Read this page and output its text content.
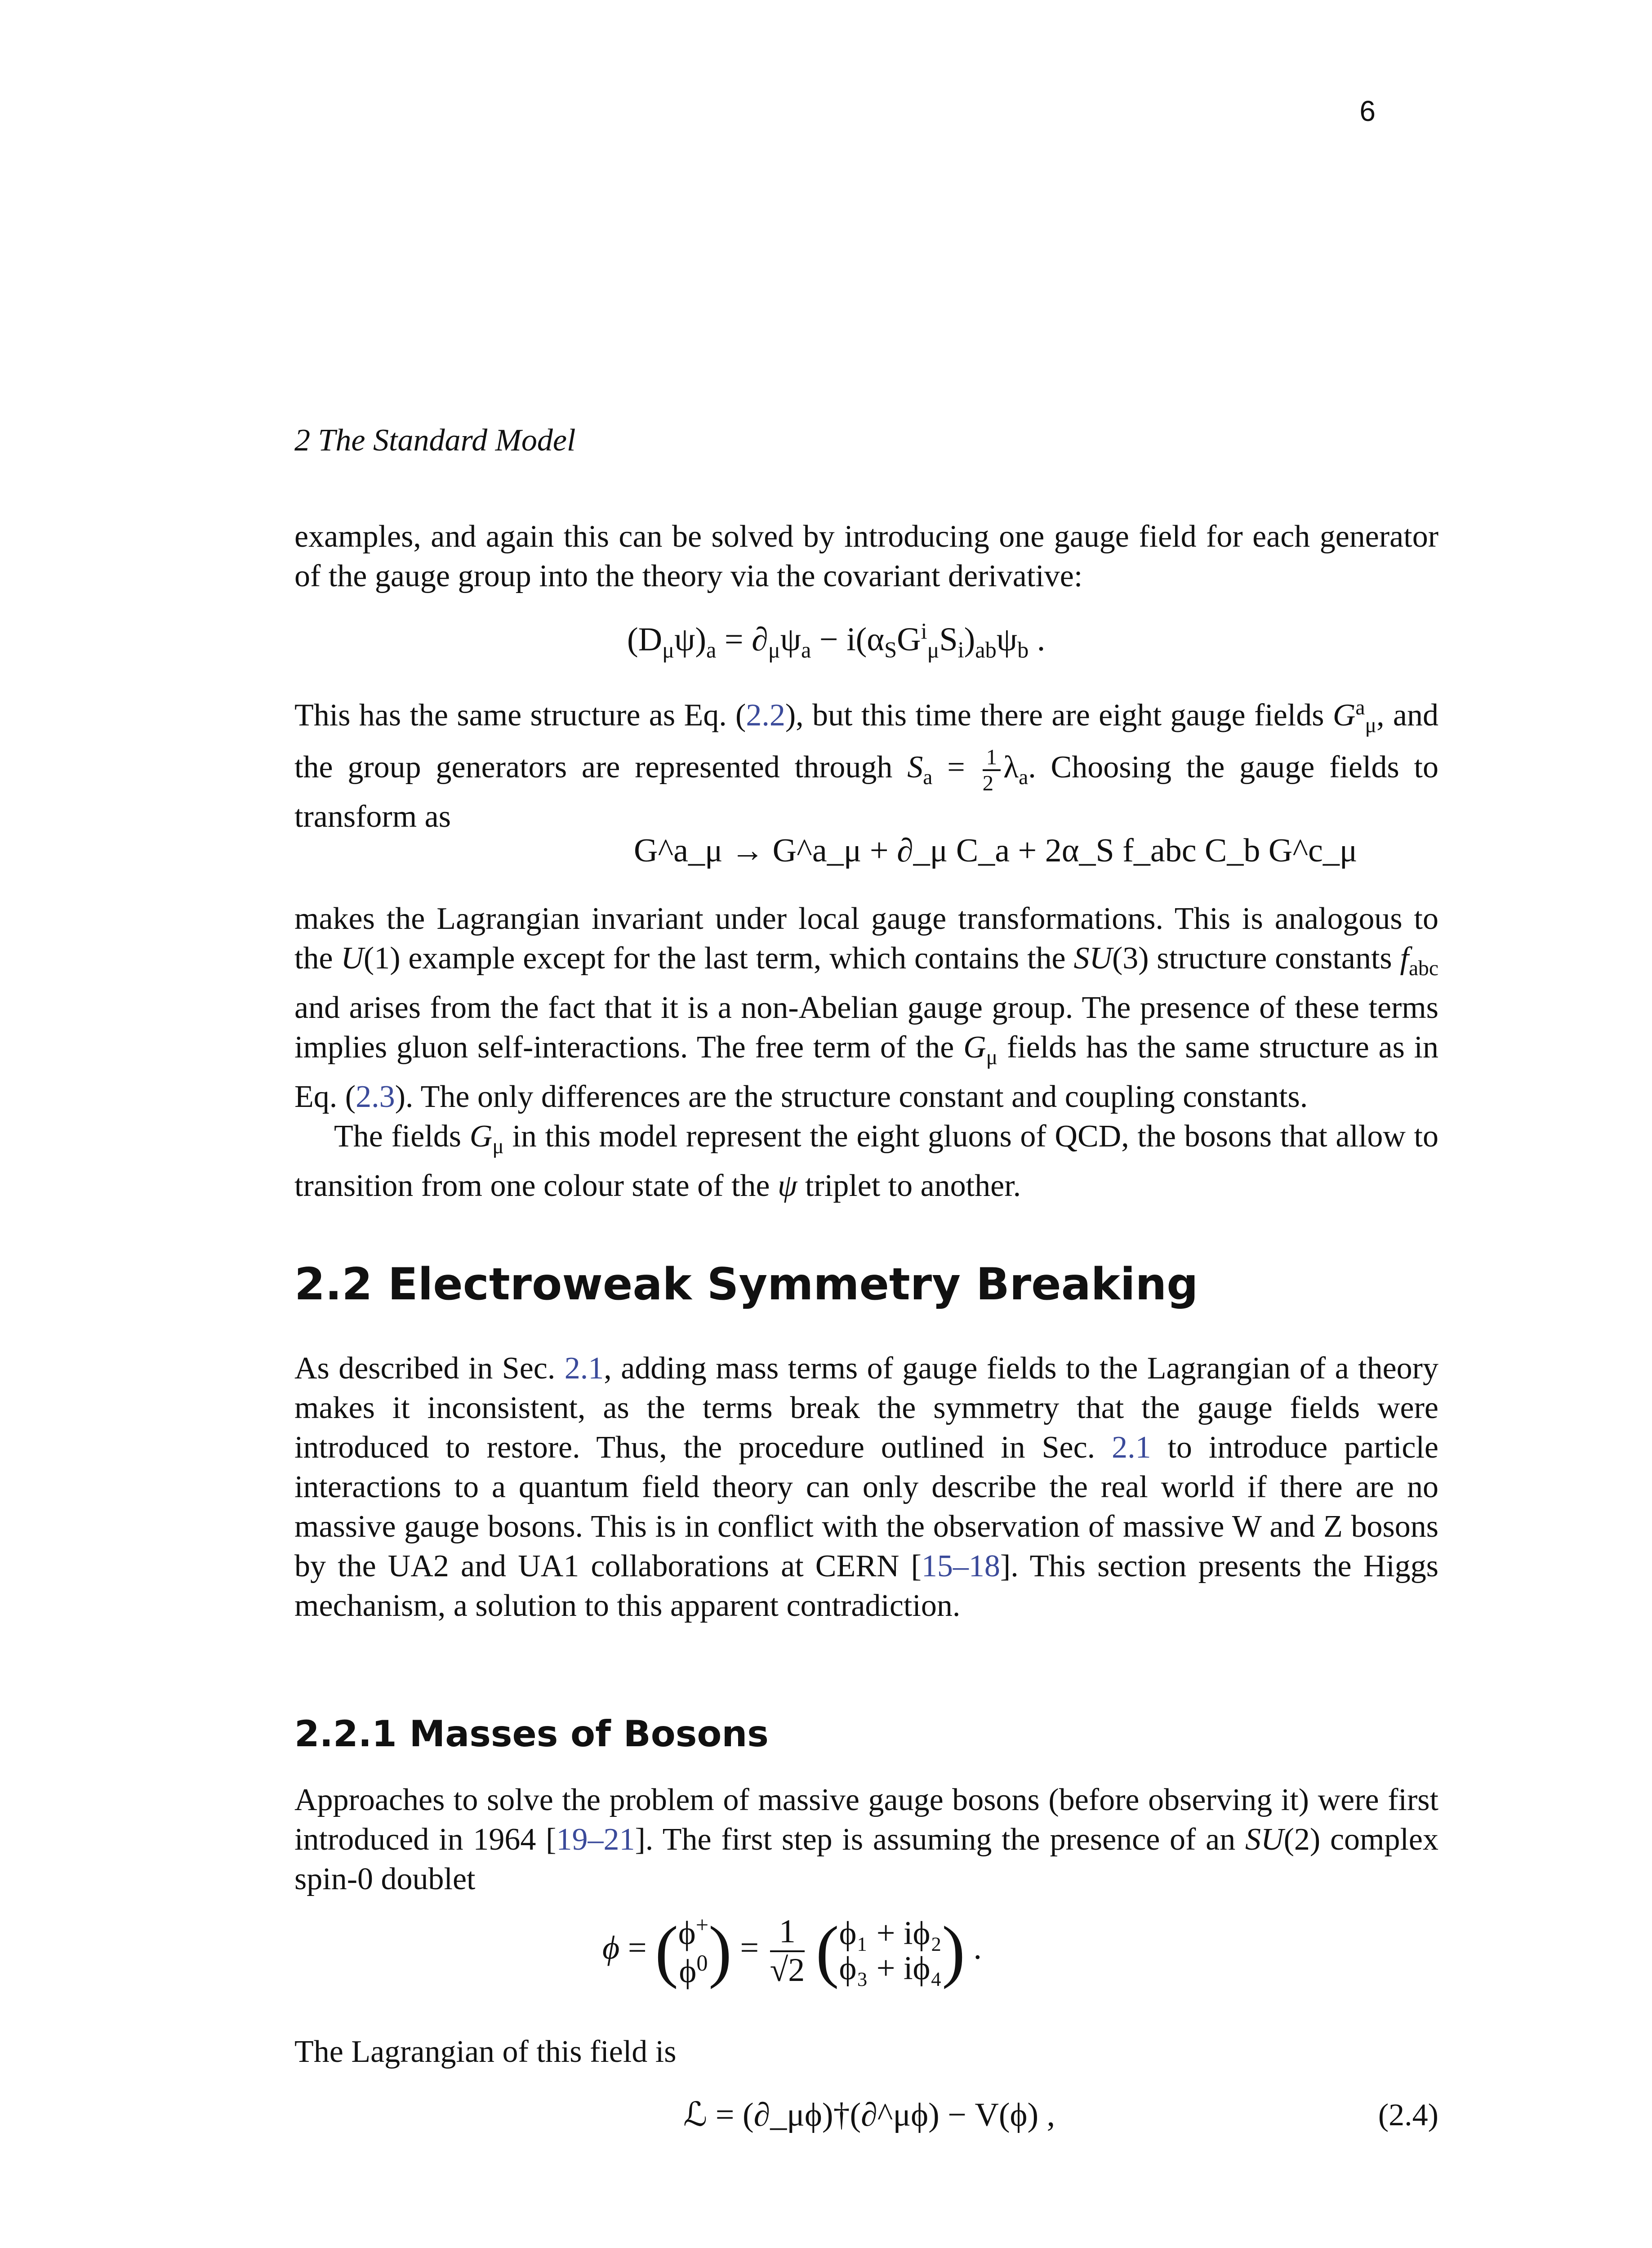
6
2 The Standard Model

examples, and again this can be solved by introducing one gauge field for each generator of the gauge group into the theory via the covariant derivative:

$(D_\mu\psi)_a = \partial_\mu\psi_a - i(\alpha_SG^i_\mu S_i)_{ab}\psi_b$ .

This has the same structure as Eq. (2.2), but this time there are eight gauge fields $G^a_\mu$, and the group generators are represented through $S_a = \frac{1}{2} \lambda_a$. Choosing the gauge fields to transform as

G^a_μ → G^a_μ + ∂_μ C_a + 2α_S f_abc C_b G^c_μ

makes the Lagrangian invariant under local gauge transformations. This is analogous to the U(1) example except for the last term, which contains the SU(3) structure constants $f_{abc}$ and arises from the fact that it is a non-Abelian gauge group. The presence of these terms implies gluon self-interactions. The free term of the $G_\mu$ fields has the same structure as in Eq. (2.3). The only differences are the structure constant and coupling constants.

The fields $G_\mu$ in this model represent the eight gluons of QCD, the bosons that allow to transition from one colour state of the ψ triplet to another.

2.2 Electroweak Symmetry Breaking

As described in Sec. 2.1, adding mass terms of gauge fields to the Lagrangian of a theory makes it inconsistent, as the terms break the symmetry that the gauge fields were introduced to restore. Thus, the procedure outlined in Sec. 2.1 to introduce particle interactions to a quantum field theory can only describe the real world if there are no massive gauge bosons. This is in conflict with the observation of massive W and Z bosons by the UA2 and UA1 collaborations at CERN [15–18]. This section presents the Higgs mechanism, a solution to this apparent contradiction.

2.2.1 Masses of Bosons

Approaches to solve the problem of massive gauge bosons (before observing it) were first introduced in 1964 [19–21]. The first step is assuming the presence of an SU(2) complex spin-0 doublet

ϕ = ( ϕ+
$\phi^0$ ) = $\frac{1}{√2}$ ( ϕ₁ + iϕ₂
ϕ₃ + iϕ₄ ) .

The Lagrangian of this field is

ℒ = (∂_μϕ)†(∂^μϕ) − V(ϕ) ,	(2.4)
